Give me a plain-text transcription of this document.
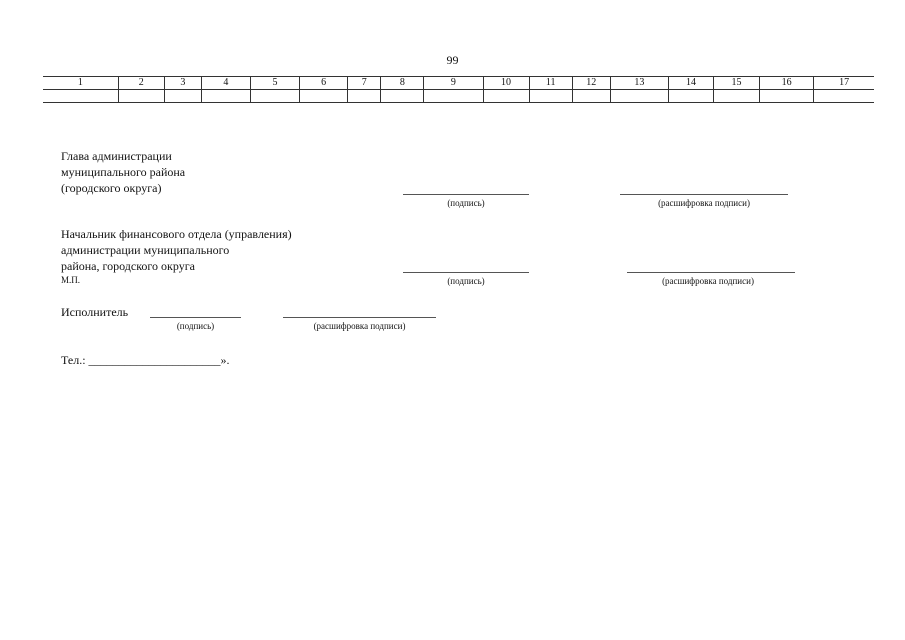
99
1	2	3	4	5	6	7	8	9	10	11	12	13	14	15	16	17

Глава администрации
муниципального района
(городского округа)
(подпись)	(расшифровка подписи)
Начальник финансового отдела (управления)
администрации муниципального
района, городского округа
М.П.	(подпись)	(расшифровка подписи)
Исполнитель
(подпись)	(расшифровка подписи)
Тел.: ______________________».
